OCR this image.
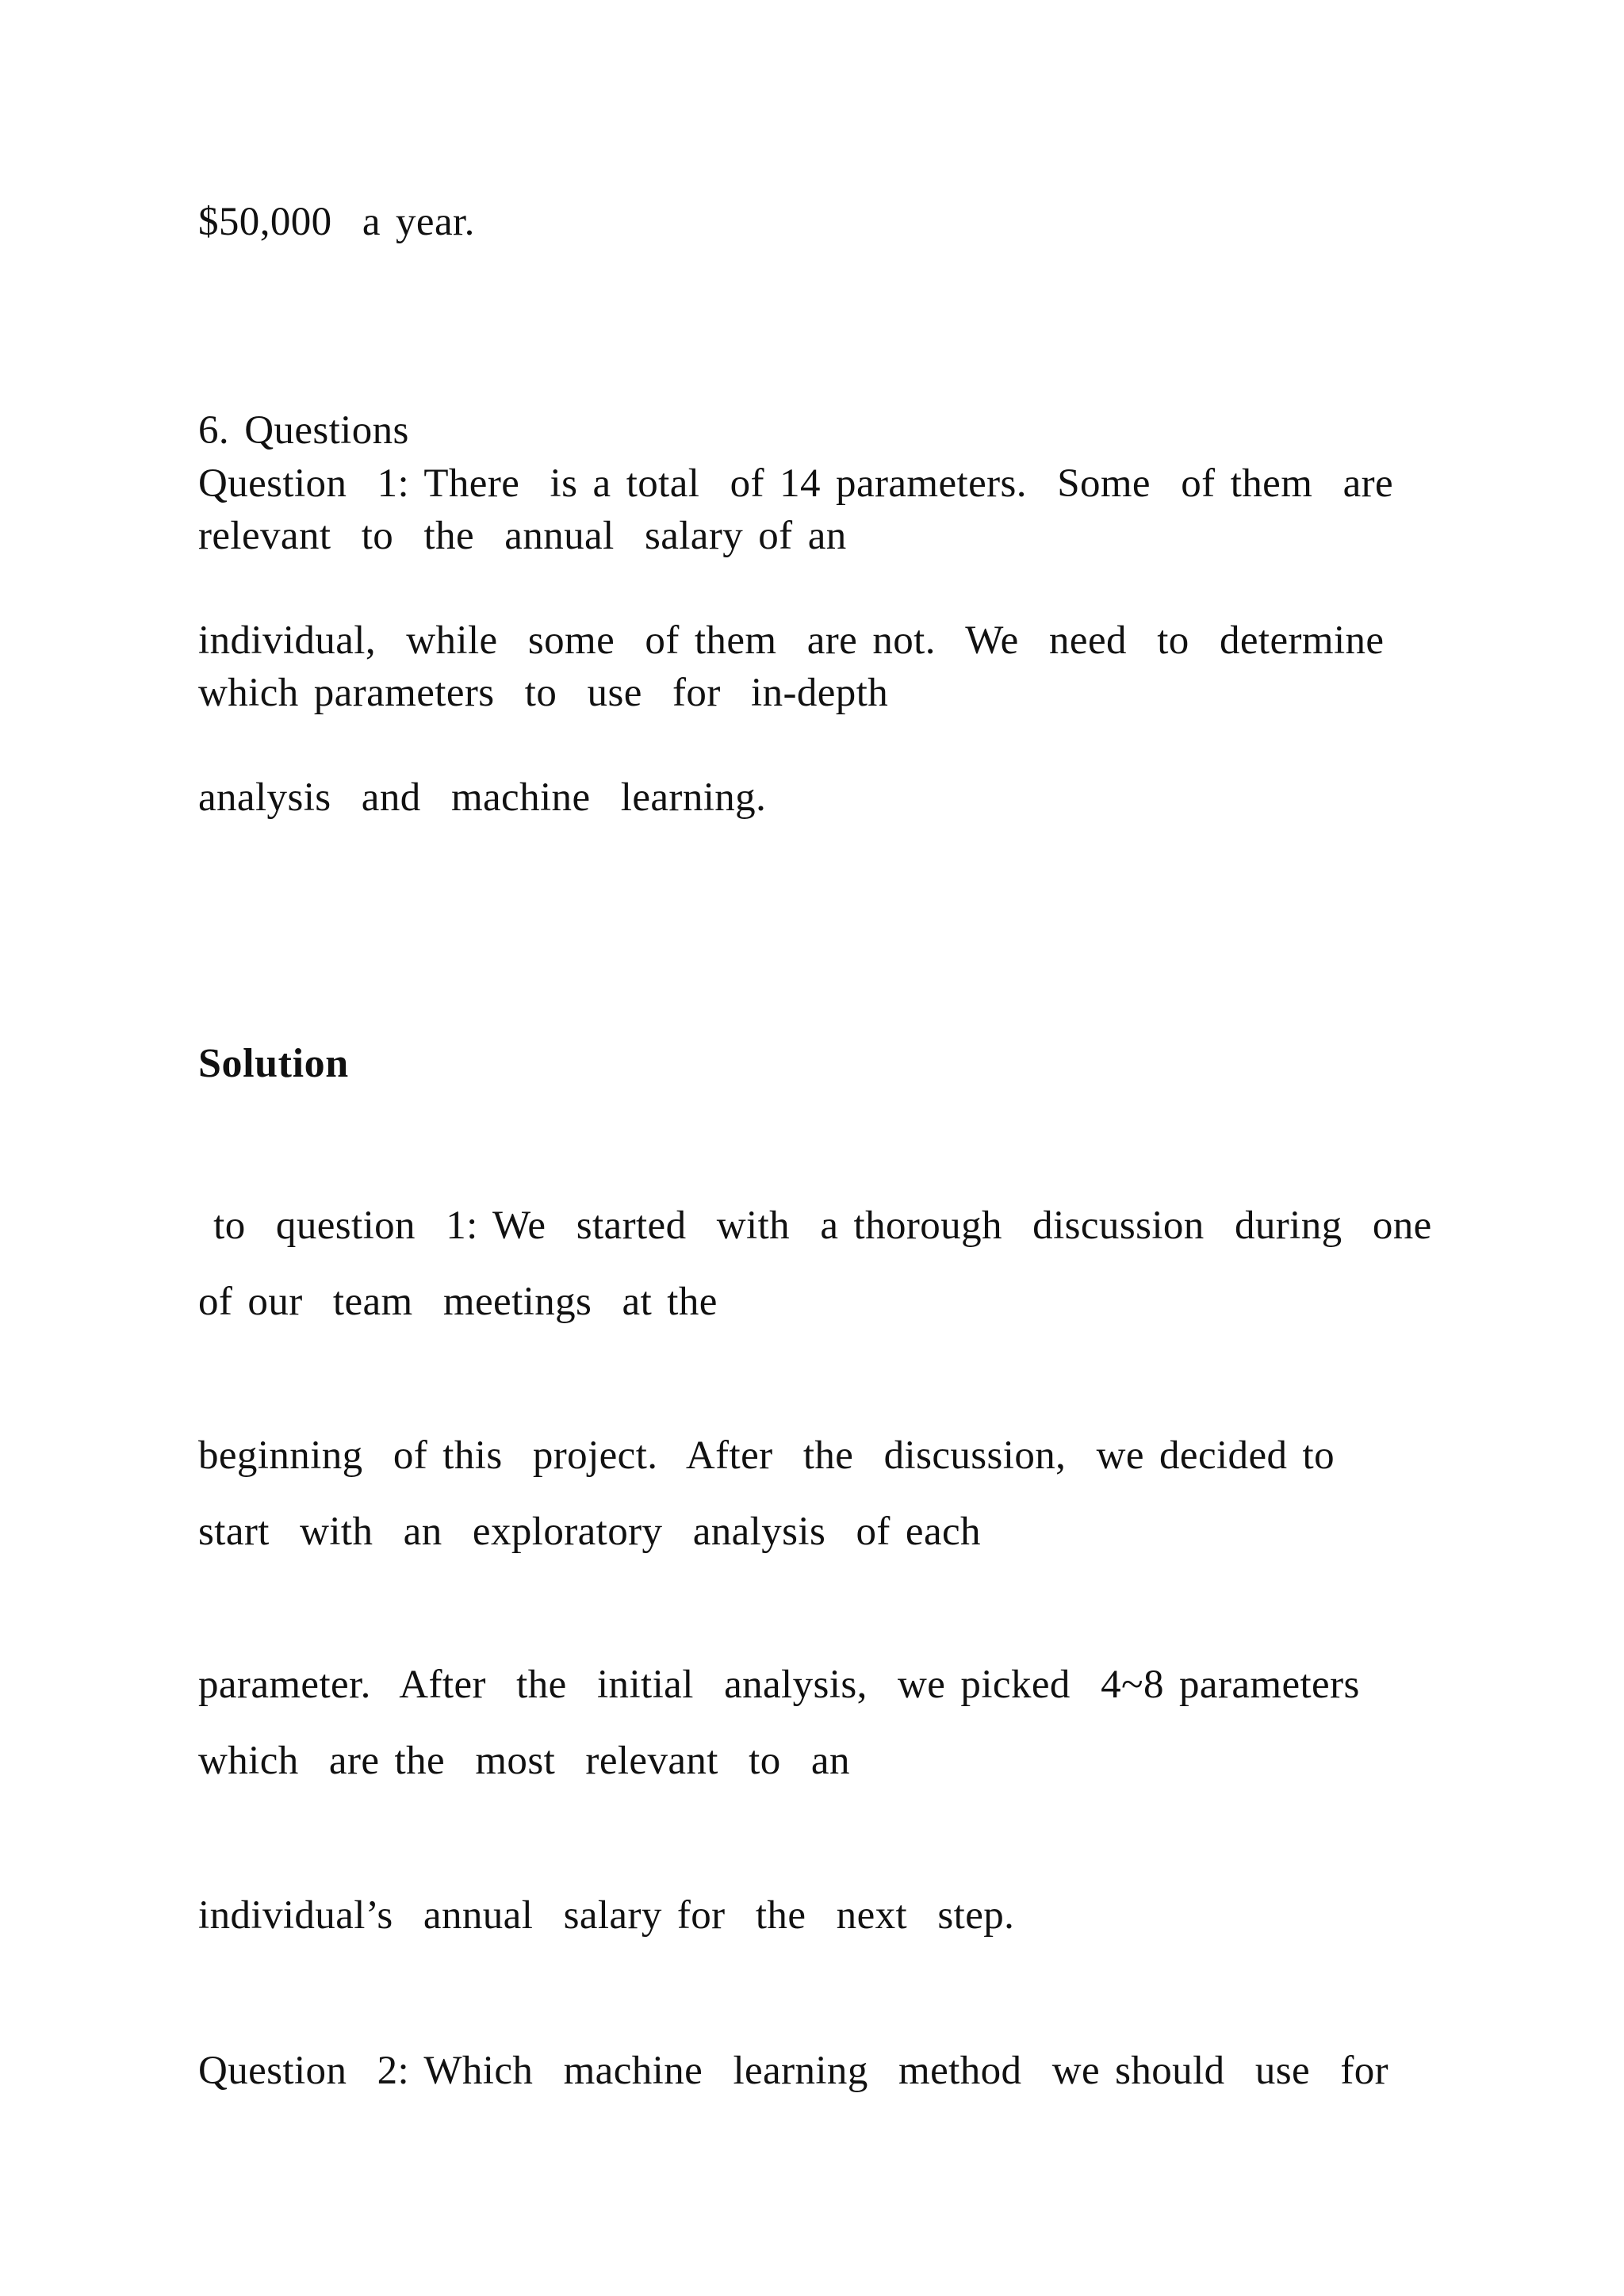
$50,000  a year.
6. Questions
Question  1: There  is a total  of 14 parameters.  Some  of them  are
relevant  to  the  annual  salary of an
individual,  while  some  of them  are not.  We  need  to  determine
which parameters  to  use  for  in-depth
analysis  and  machine  learning.
Solution
to  question  1: We  started  with  a thorough  discussion  during  one
of our  team  meetings  at the
beginning  of this  project.  After  the  discussion,  we decided to
start  with  an  exploratory  analysis  of each
parameter.  After  the  initial  analysis,  we picked  4~8 parameters
which  are the  most  relevant  to  an
individual’s  annual  salary for  the  next  step.
Question  2: Which  machine  learning  method  we should  use  for
